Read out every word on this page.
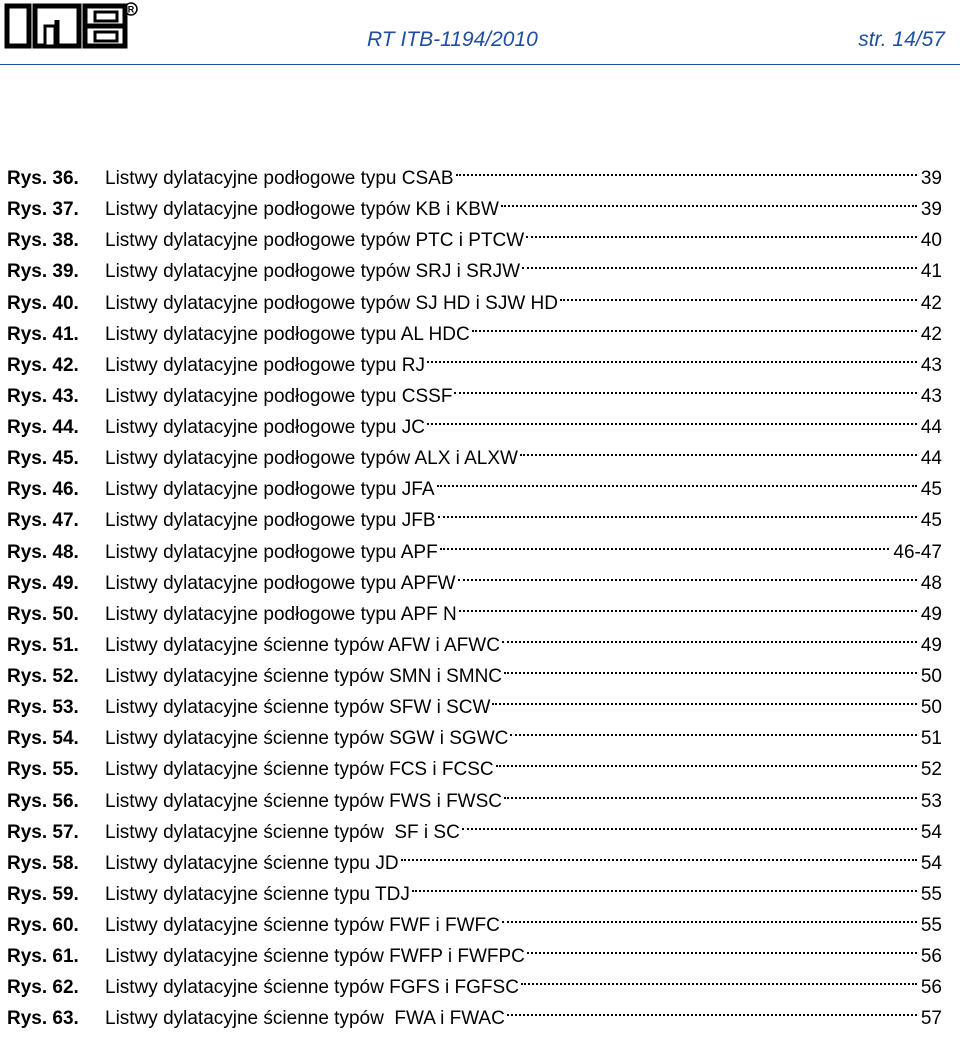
R
RT ITB-1194/2010	str. 14/57
Rys. 36.	Listwy dylatacyjne podłogowe typu CSAB	39
Rys. 37.	Listwy dylatacyjne podłogowe typów KB i KBW	39
Rys. 38.	Listwy dylatacyjne podłogowe typów PTC i PTCW	40
Rys. 39.	Listwy dylatacyjne podłogowe typów SRJ i SRJW	41
Rys. 40.	Listwy dylatacyjne podłogowe typów SJ HD i SJW HD	42
Rys. 41.	Listwy dylatacyjne podłogowe typu AL HDC	42
Rys. 42.	Listwy dylatacyjne podłogowe typu RJ	43
Rys. 43.	Listwy dylatacyjne podłogowe typu CSSF	43
Rys. 44.	Listwy dylatacyjne podłogowe typu JC	44
Rys. 45.	Listwy dylatacyjne podłogowe typów ALX i ALXW	44
Rys. 46.	Listwy dylatacyjne podłogowe typu JFA	45
Rys. 47.	Listwy dylatacyjne podłogowe typu JFB	45
Rys. 48.	Listwy dylatacyjne podłogowe typu APF	46-47
Rys. 49.	Listwy dylatacyjne podłogowe typu APFW	48
Rys. 50.	Listwy dylatacyjne podłogowe typu APF N	49
Rys. 51.	Listwy dylatacyjne ścienne typów AFW i AFWC	49
Rys. 52.	Listwy dylatacyjne ścienne typów SMN i SMNC	50
Rys. 53.	Listwy dylatacyjne ścienne typów SFW i SCW	50
Rys. 54.	Listwy dylatacyjne ścienne typów SGW i SGWC	51
Rys. 55.	Listwy dylatacyjne ścienne typów FCS i FCSC	52
Rys. 56.	Listwy dylatacyjne ścienne typów FWS i FWSC	53
Rys. 57.	Listwy dylatacyjne ścienne typów  SF i SC	54
Rys. 58.	Listwy dylatacyjne ścienne typu JD	54
Rys. 59.	Listwy dylatacyjne ścienne typu TDJ	55
Rys. 60.	Listwy dylatacyjne ścienne typów FWF i FWFC	55
Rys. 61.	Listwy dylatacyjne ścienne typów FWFP i FWFPC	56
Rys. 62.	Listwy dylatacyjne ścienne typów FGFS i FGFSC	56
Rys. 63.	Listwy dylatacyjne ścienne typów  FWA i FWAC	57
